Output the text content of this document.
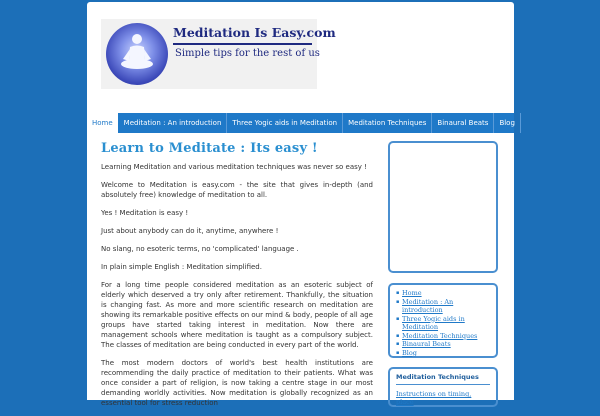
Meditation Is Easy.com
Simple tips for the rest of us
Home	Meditation : An introduction	Three Yogic aids in Meditation	Meditation Techniques	Binaural Beats	Blog
Learn to Meditate : Its easy !

Learning Meditation and various meditation techniques was never so easy !

Welcome to Meditation is easy.com - the site that gives in-depth (and absolutely free) knowledge of meditation to all.

Yes ! Meditation is easy !

Just about anybody can do it, anytime, anywhere !

No slang, no esoteric terms, no 'complicated' language .

In plain simple English : Meditation simplified.

For a long time people considered meditation as an esoteric subject of elderly which deserved a try only after retirement. Thankfully, the situation is changing fast. As more and more scientific research on meditation are showing its remarkable positive effects on our mind & body, people of all age groups have started taking interest in meditation. Now there are management schools where meditation is taught as a compulsory subject. The classes of meditation are being conducted in every part of the world.

The most modern doctors of world's best health institutions are recommending the daily practice of meditation to their patients. What was once consider a part of religion, is now taking a centre stage in our most demanding worldly activities. Now meditation is globally recognized as an essential tool for stress reduction

▪ Home
▪ Meditation : An introduction
▪ Three Yogic aids in Meditation
▪ Meditation Techniques
▪ Binaural Beats
▪ Blog
Meditation Techniques
Instructions on timing, place
